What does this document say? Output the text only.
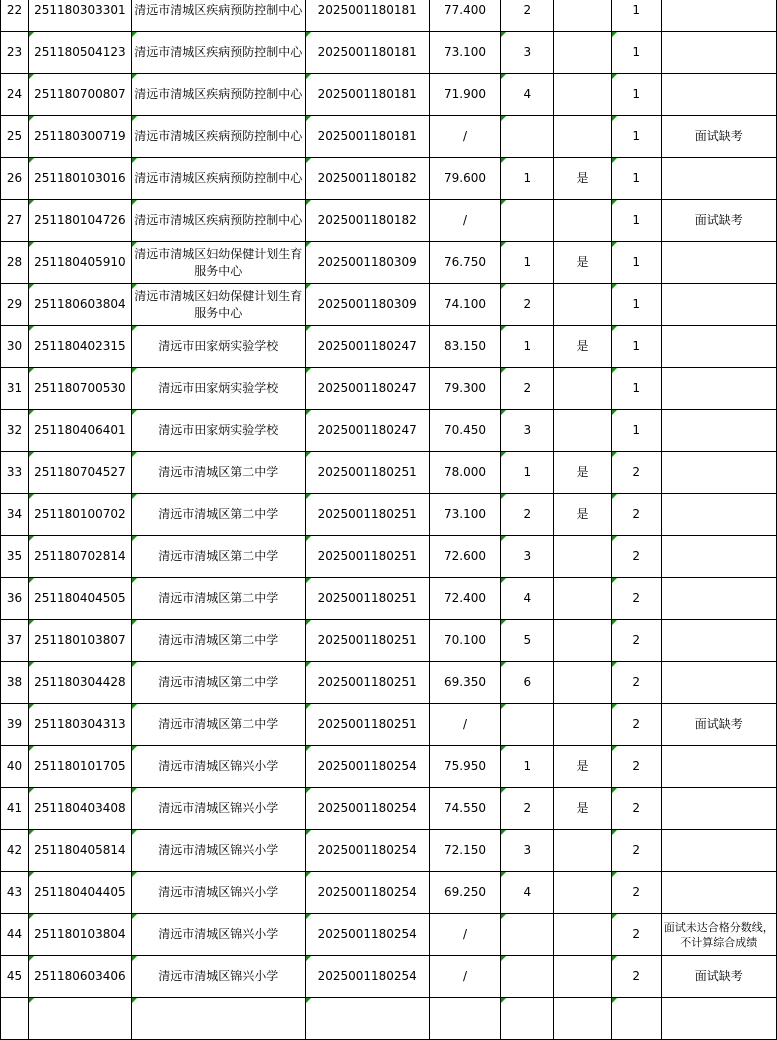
22	251180303301	清远市清城区疾病预防控制中心	2025001180181	77.400	2		1	
23	251180504123	清远市清城区疾病预防控制中心	2025001180181	73.100	3		1	
24	251180700807	清远市清城区疾病预防控制中心	2025001180181	71.900	4		1	
25	251180300719	清远市清城区疾病预防控制中心	2025001180181	/			1	面试缺考
26	251180103016	清远市清城区疾病预防控制中心	2025001180182	79.600	1	是	1	
27	251180104726	清远市清城区疾病预防控制中心	2025001180182	/			1	面试缺考
28	251180405910	清远市清城区妇幼保健计划生育服务中心	2025001180309	76.750	1	是	1	
29	251180603804	清远市清城区妇幼保健计划生育服务中心	2025001180309	74.100	2		1	
30	251180402315	清远市田家炳实验学校	2025001180247	83.150	1	是	1	
31	251180700530	清远市田家炳实验学校	2025001180247	79.300	2		1	
32	251180406401	清远市田家炳实验学校	2025001180247	70.450	3		1	
33	251180704527	清远市清城区第二中学	2025001180251	78.000	1	是	2	
34	251180100702	清远市清城区第二中学	2025001180251	73.100	2	是	2	
35	251180702814	清远市清城区第二中学	2025001180251	72.600	3		2	
36	251180404505	清远市清城区第二中学	2025001180251	72.400	4		2	
37	251180103807	清远市清城区第二中学	2025001180251	70.100	5		2	
38	251180304428	清远市清城区第二中学	2025001180251	69.350	6		2	
39	251180304313	清远市清城区第二中学	2025001180251	/			2	面试缺考
40	251180101705	清远市清城区锦兴小学	2025001180254	75.950	1	是	2	
41	251180403408	清远市清城区锦兴小学	2025001180254	74.550	2	是	2	
42	251180405814	清远市清城区锦兴小学	2025001180254	72.150	3		2	
43	251180404405	清远市清城区锦兴小学	2025001180254	69.250	4		2	
44	251180103804	清远市清城区锦兴小学	2025001180254	/			2	面试未达合格分数线，不计算综合成绩
45	251180603406	清远市清城区锦兴小学	2025001180254	/			2	面试缺考
